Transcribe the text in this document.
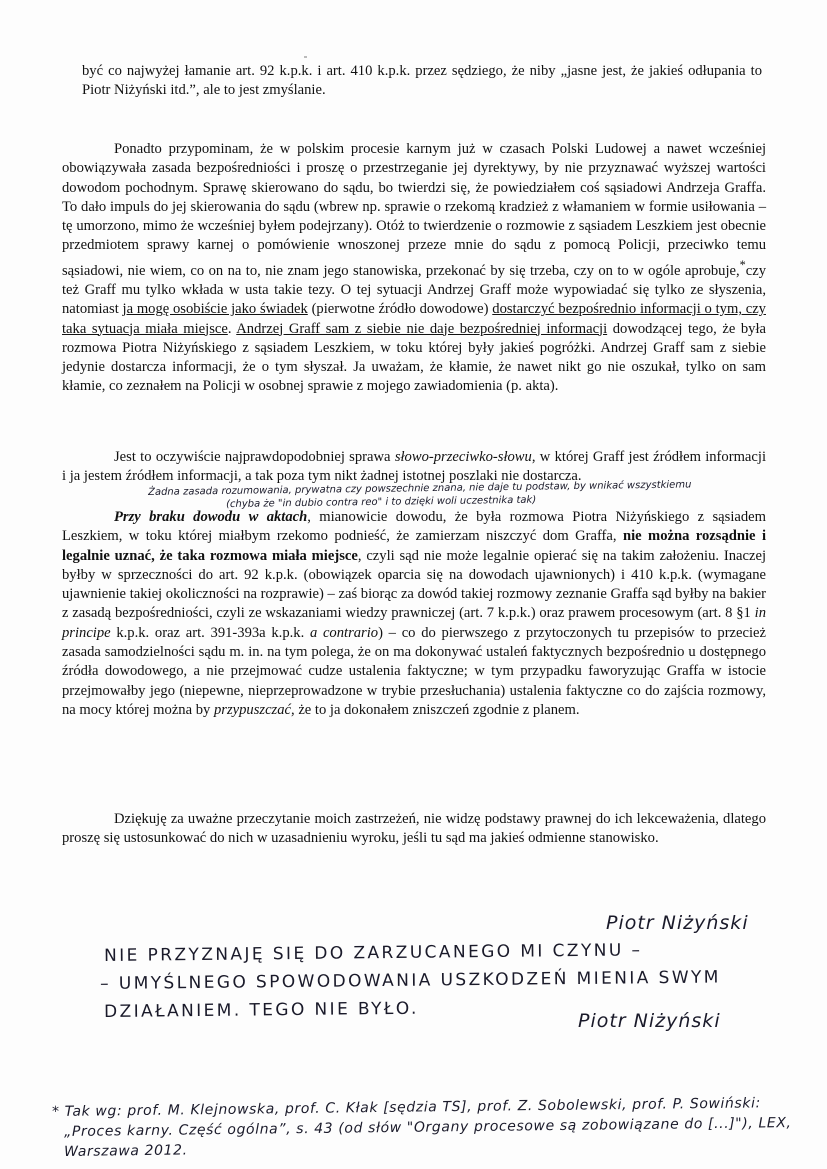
być co najwyżej łamanie art. 92 k.p.k. i art. 410 k.p.k. przez sędziego, że niby „jasne jest, że jakieś odłupania to Piotr Niżyński itd.”, ale to jest zmyślanie.
Ponadto przypominam, że w polskim procesie karnym już w czasach Polski Ludowej a nawet wcześniej obowiązywała zasada bezpośredniości i proszę o przestrzeganie jej dyrektywy, by nie przyznawać wyższej wartości dowodom pochodnym. Sprawę skierowano do sądu, bo twierdzi się, że powiedziałem coś sąsiadowi Andrzeja Graffa. To dało impuls do jej skierowania do sądu (wbrew np. sprawie o rzekomą kradzież z włamaniem w formie usiłowania – tę umorzono, mimo że wcześniej byłem podejrzany). Otóż to twierdzenie o rozmowie z sąsiadem Leszkiem jest obecnie przedmiotem sprawy karnej o pomówienie wnoszonej przeze mnie do sądu z pomocą Policji, przeciwko temu sąsiadowi, nie wiem, co on na to, nie znam jego stanowiska, przekonać by się trzeba, czy on to w ogóle aprobuje,*czy też Graff mu tylko wkłada w usta takie tezy. O tej sytuacji Andrzej Graff może wypowiadać się tylko ze słyszenia, natomiast ja mogę osobiście jako świadek (pierwotne źródło dowodowe) dostarczyć bezpośrednio informacji o tym, czy taka sytuacja miała miejsce. Andrzej Graff sam z siebie nie daje bezpośredniej informacji dowodzącej tego, że była rozmowa Piotra Niżyńskiego z sąsiadem Leszkiem, w toku której były jakieś pogróżki. Andrzej Graff sam z siebie jedynie dostarcza informacji, że o tym słyszał. Ja uważam, że kłamie, że nawet nikt go nie oszukał, tylko on sam kłamie, co zeznałem na Policji w osobnej sprawie z mojego zawiadomienia (p. akta).
Jest to oczywiście najprawdopodobniej sprawa słowo-przeciwko-słowu, w której Graff jest źródłem informacji i ja jestem źródłem informacji, a tak poza tym nikt żadnej istotnej poszlaki nie dostarcza.
Żadna zasada rozumowania, prywatna czy powszechnie znana, nie daje tu podstaw, by wnikać wszystkiemu
(chyba że "in dubio contra reo" i to dzięki woli uczestnika tak)
Przy braku dowodu w aktach, mianowicie dowodu, że była rozmowa Piotra Niżyńskiego z sąsiadem Leszkiem, w toku której miałbym rzekomo podnieść, że zamierzam niszczyć dom Graffa, nie można rozsądnie i legalnie uznać, że taka rozmowa miała miejsce, czyli sąd nie może legalnie opierać się na takim założeniu. Inaczej byłby w sprzeczności do art. 92 k.p.k. (obowiązek oparcia się na dowodach ujawnionych) i 410 k.p.k. (wymagane ujawnienie takiej okoliczności na rozprawie) – zaś biorąc za dowód takiej rozmowy zeznanie Graffa sąd byłby na bakier z zasadą bezpośredniości, czyli ze wskazaniami wiedzy prawniczej (art. 7 k.p.k.) oraz prawem procesowym (art. 8 §1 in principe k.p.k. oraz art. 391-393a k.p.k. a contrario) – co do pierwszego z przytoczonych tu przepisów to przecież zasada samodzielności sądu m. in. na tym polega, że on ma dokonywać ustaleń faktycznych bezpośrednio u dostępnego źródła dowodowego, a nie przejmować cudze ustalenia faktyczne; w tym przypadku faworyzując Graffa w istocie przejmowałby jego (niepewne, nieprzeprowadzone w trybie przesłuchania) ustalenia faktyczne co do zajścia rozmowy, na mocy której można by przypuszczać, że to ja dokonałem zniszczeń zgodnie z planem.
Dziękuję za uważne przeczytanie moich zastrzeżeń, nie widzę podstawy prawnej do ich lekceważenia, dlatego proszę się ustosunkować do nich w uzasadnieniu wyroku, jeśli tu sąd ma jakieś odmienne stanowisko.
Piotr Niżyński
NIE PRZYZNAJĘ SIĘ DO ZARZUCANEGO MI CZYNU –
– UMYŚLNEGO SPOWODOWANIA USZKODZEŃ MIENIA SWYM
DZIAŁANIEM. TEGO NIE BYŁO.	Piotr Niżyński
* Tak wg: prof. M. Klejnowska, prof. C. Kłak [sędzia TS], prof. Z. Sobolewski, prof. P. Sowiński:
„Proces karny. Część ogólna”, s. 43 (od słów "Organy procesowe są zobowiązane do [...]"), LEX,
Warszawa 2012.
